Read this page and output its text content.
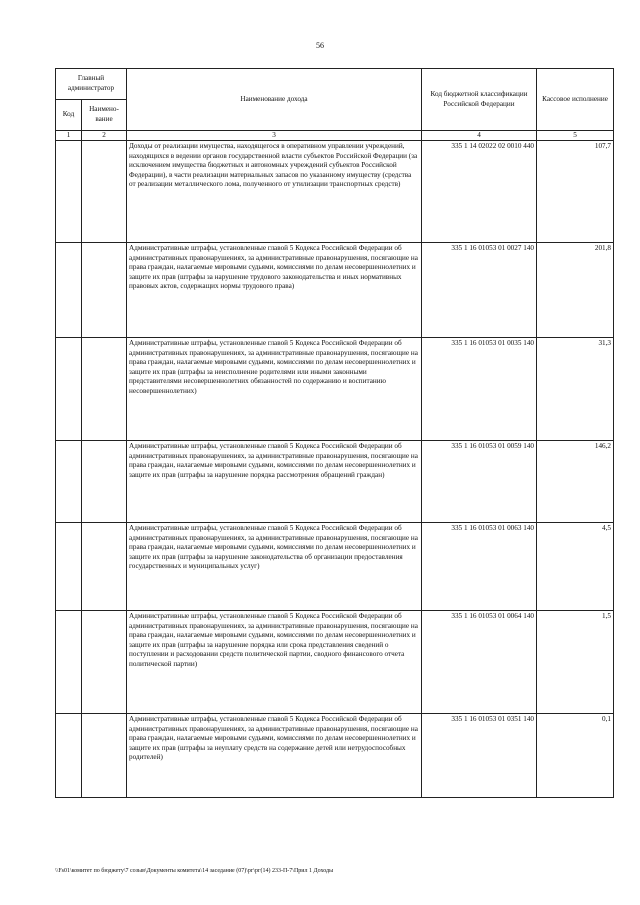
56
Главный администратор		Наименование дохода	Код бюджетной классификации Российской Федерации	Кассовое исполнение
Код	Наимено-вание			
1	2	3	4	5
		Доходы от реализации имущества, находящегося в оперативном управлении учреждений, находящихся в ведении органов государственной власти субъектов Российской Федерации (за исключением имущества бюджетных и автономных учреждений субъектов Российской Федерации), в части реализации материальных запасов по указанному имуществу (средства от реализации металлического лома, полученного от утилизации транспортных средств)	335 1 14 02022 02 0010 440	107,7
		Административные штрафы, установленные главой 5 Кодекса Российской Федерации об административных правонарушениях, за административные правонарушения, посягающие на права граждан, налагаемые мировыми судьями, комиссиями по делам несовершеннолетних и защите их прав (штрафы за нарушение трудового законодательства и иных нормативных правовых актов, содержащих нормы трудового права)	335 1 16 01053 01 0027 140	201,8
		Административные штрафы, установленные главой 5 Кодекса Российской Федерации об административных правонарушениях, за административные правонарушения, посягающие на права граждан, налагаемые мировыми судьями, комиссиями по делам несовершеннолетних и защите их прав (штрафы за неисполнение родителями или иными законными представителями несовершеннолетних обязанностей по содержанию и воспитанию несовершеннолетних)	335 1 16 01053 01 0035 140	31,3
		Административные штрафы, установленные главой 5 Кодекса Российской Федерации об административных правонарушениях, за административные правонарушения, посягающие на права граждан, налагаемые мировыми судьями, комиссиями по делам несовершеннолетних и защите их прав (штрафы за нарушение порядка рассмотрения обращений граждан)	335 1 16 01053 01 0059 140	146,2
		Административные штрафы, установленные главой 5 Кодекса Российской Федерации об административных правонарушениях, за административные правонарушения, посягающие на права граждан, налагаемые мировыми судьями, комиссиями по делам несовершеннолетних и защите их прав (штрафы за нарушение законодательства об организации предоставления государственных и муниципальных услуг)	335 1 16 01053 01 0063 140	4,5
		Административные штрафы, установленные главой 5 Кодекса Российской Федерации об административных правонарушениях, за административные правонарушения, посягающие на права граждан, налагаемые мировыми судьями, комиссиями по делам несовершеннолетних и защите их прав (штрафы за нарушение порядка или срока представления сведений о поступлении и расходовании средств политической партии, сводного финансового отчета политической партии)	335 1 16 01053 01 0064 140	1,5
		Административные штрафы, установленные главой 5 Кодекса Российской Федерации об административных правонарушениях, за административные правонарушения, посягающие на права граждан, налагаемые мировыми судьями, комиссиями по делам несовершеннолетних и защите их прав (штрафы за неуплату средств на содержание детей или нетрудоспособных родителей)	335 1 16 01053 01 0351 140	0,1
\\Fs01\комитет по бюджету\7 созыв\Документы комитета\14 заседание (07)\рг\рг(14) 233-П-7\Прил 1 Доходы
